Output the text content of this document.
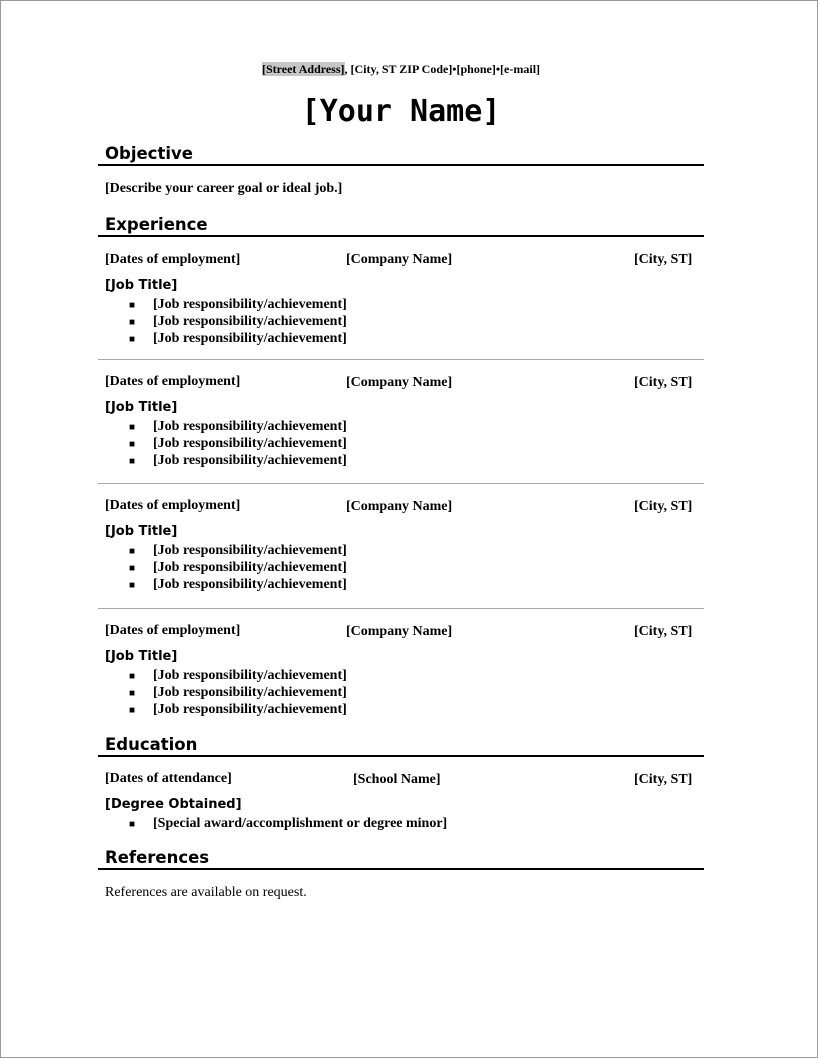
[Street Address], [City, ST ZIP Code]•[phone]•[e-mail]
[Your Name]
Objective
[Describe your career goal or ideal job.]
Experience
[Dates of employment]	[Company Name]	[City, ST]
[Job Title]
■ [Job responsibility/achievement]
■ [Job responsibility/achievement]
■ [Job responsibility/achievement]
[Dates of employment]	[Company Name]	[City, ST]
[Job Title]
■ [Job responsibility/achievement]
■ [Job responsibility/achievement]
■ [Job responsibility/achievement]
[Dates of employment]	[Company Name]	[City, ST]
[Job Title]
■ [Job responsibility/achievement]
■ [Job responsibility/achievement]
■ [Job responsibility/achievement]
[Dates of employment]	[Company Name]	[City, ST]
[Job Title]
■ [Job responsibility/achievement]
■ [Job responsibility/achievement]
■ [Job responsibility/achievement]
Education
[Dates of attendance]	[School Name]	[City, ST]
[Degree Obtained]
■ [Special award/accomplishment or degree minor]
References
References are available on request.
